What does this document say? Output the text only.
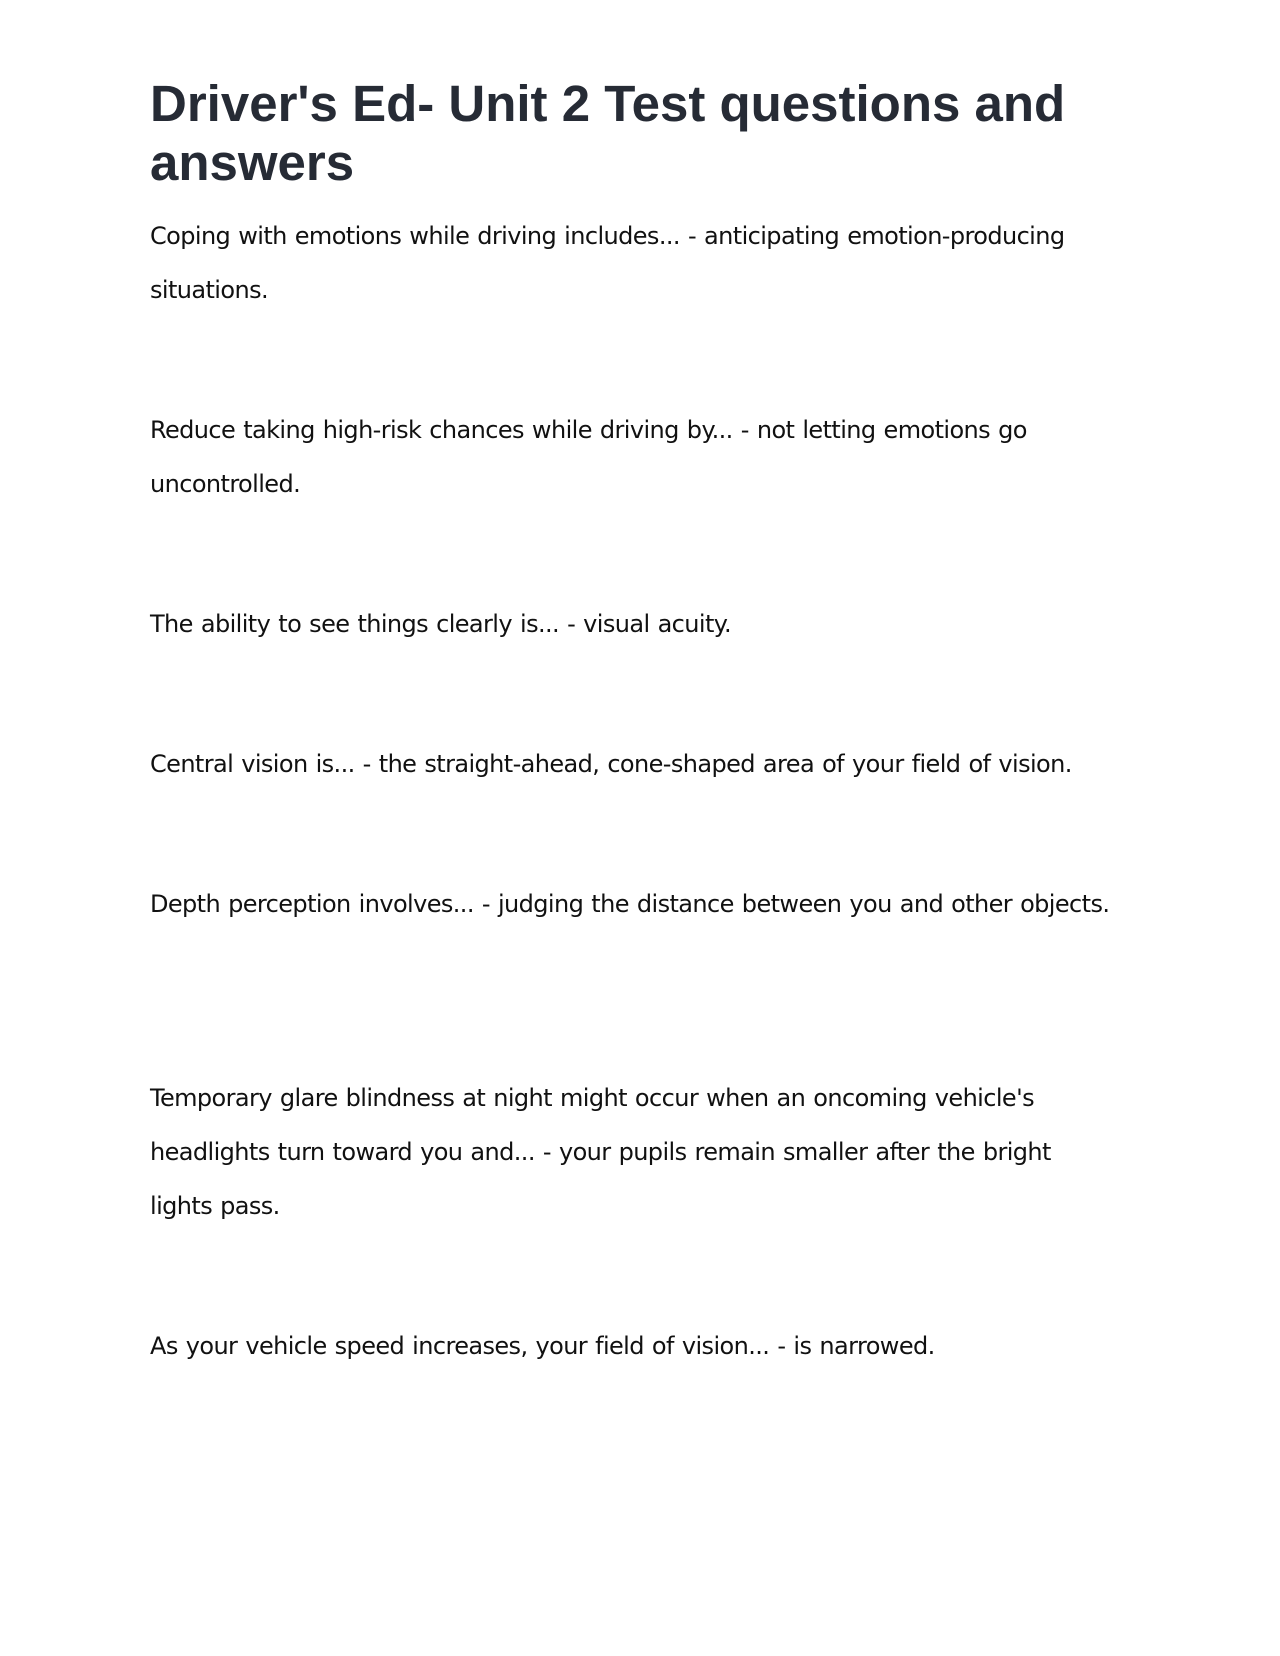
Driver's Ed- Unit 2 Test questions and answers

Coping with emotions while driving includes... - anticipating emotion-producing situations.

Reduce taking high-risk chances while driving by... - not letting emotions go uncontrolled.

The ability to see things clearly is... - visual acuity.

Central vision is... - the straight-ahead, cone-shaped area of your field of vision.

Depth perception involves... - judging the distance between you and other objects.

Temporary glare blindness at night might occur when an oncoming vehicle's headlights turn toward you and... - your pupils remain smaller after the bright lights pass.

As your vehicle speed increases, your field of vision... - is narrowed.
